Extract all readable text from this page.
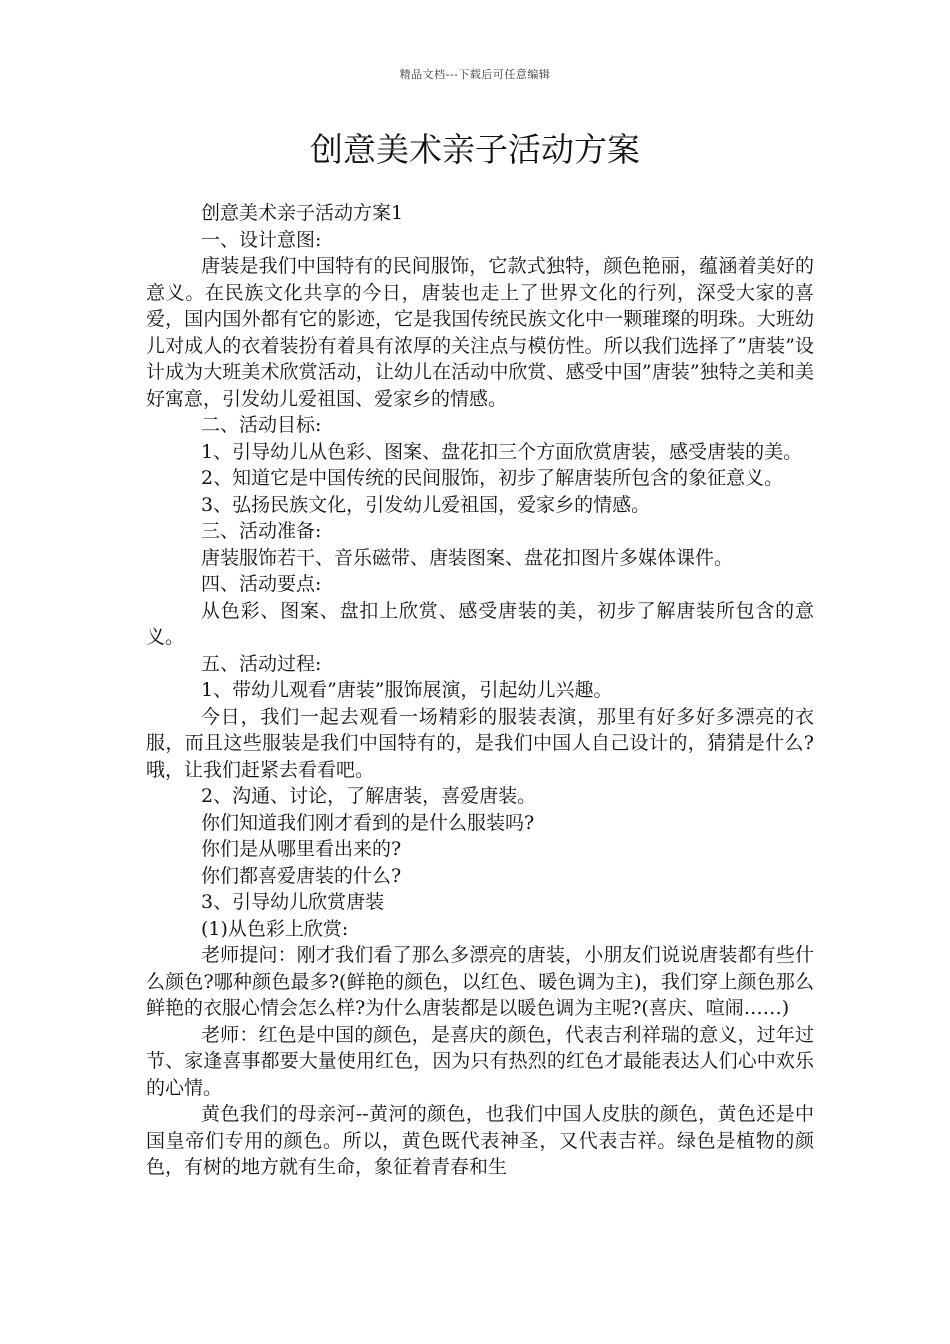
精品文档---下载后可任意编辑
创意美术亲子活动方案

创意美术亲子活动方案1

一、设计意图:

唐装是我们中国特有的民间服饰，它款式独特，颜色艳丽，蕴涵着美好的意义。在民族文化共享的今日，唐装也走上了世界文化的行列，深受大家的喜爱，国内国外都有它的影迹，它是我国传统民族文化中一颗璀璨的明珠。大班幼儿对成人的衣着装扮有着具有浓厚的关注点与模仿性。所以我们选择了”唐装”设计成为大班美术欣赏活动，让幼儿在活动中欣赏、感受中国”唐装”独特之美和美好寓意，引发幼儿爱祖国、爱家乡的情感。

二、活动目标:

1、引导幼儿从色彩、图案、盘花扣三个方面欣赏唐装，感受唐装的美。

2、知道它是中国传统的民间服饰，初步了解唐装所包含的象征意义。

3、弘扬民族文化，引发幼儿爱祖国，爱家乡的情感。

三、活动准备:

唐装服饰若干、音乐磁带、唐装图案、盘花扣图片多媒体课件。

四、活动要点:

从色彩、图案、盘扣上欣赏、感受唐装的美，初步了解唐装所包含的意义。

五、活动过程:

1、带幼儿观看”唐装”服饰展演，引起幼儿兴趣。

今日，我们一起去观看一场精彩的服装表演，那里有好多好多漂亮的衣服，而且这些服装是我们中国特有的，是我们中国人自己设计的，猜猜是什么?哦，让我们赶紧去看看吧。

2、沟通、讨论，了解唐装，喜爱唐装。

你们知道我们刚才看到的是什么服装吗?

你们是从哪里看出来的?

你们都喜爱唐装的什么?

3、引导幼儿欣赏唐装

(1)从色彩上欣赏:

老师提问：刚才我们看了那么多漂亮的唐装，小朋友们说说唐装都有些什么颜色?哪种颜色最多?(鲜艳的颜色，以红色、暖色调为主)，我们穿上颜色那么鲜艳的衣服心情会怎么样?为什么唐装都是以暖色调为主呢?(喜庆、喧闹……)

老师：红色是中国的颜色，是喜庆的颜色，代表吉利祥瑞的意义，过年过节、家逢喜事都要大量使用红色，因为只有热烈的红色才最能表达人们心中欢乐的心情。

黄色我们的母亲河--黄河的颜色，也我们中国人皮肤的颜色，黄色还是中国皇帝们专用的颜色。所以，黄色既代表神圣，又代表吉祥。绿色是植物的颜色，有树的地方就有生命，象征着青春和生
